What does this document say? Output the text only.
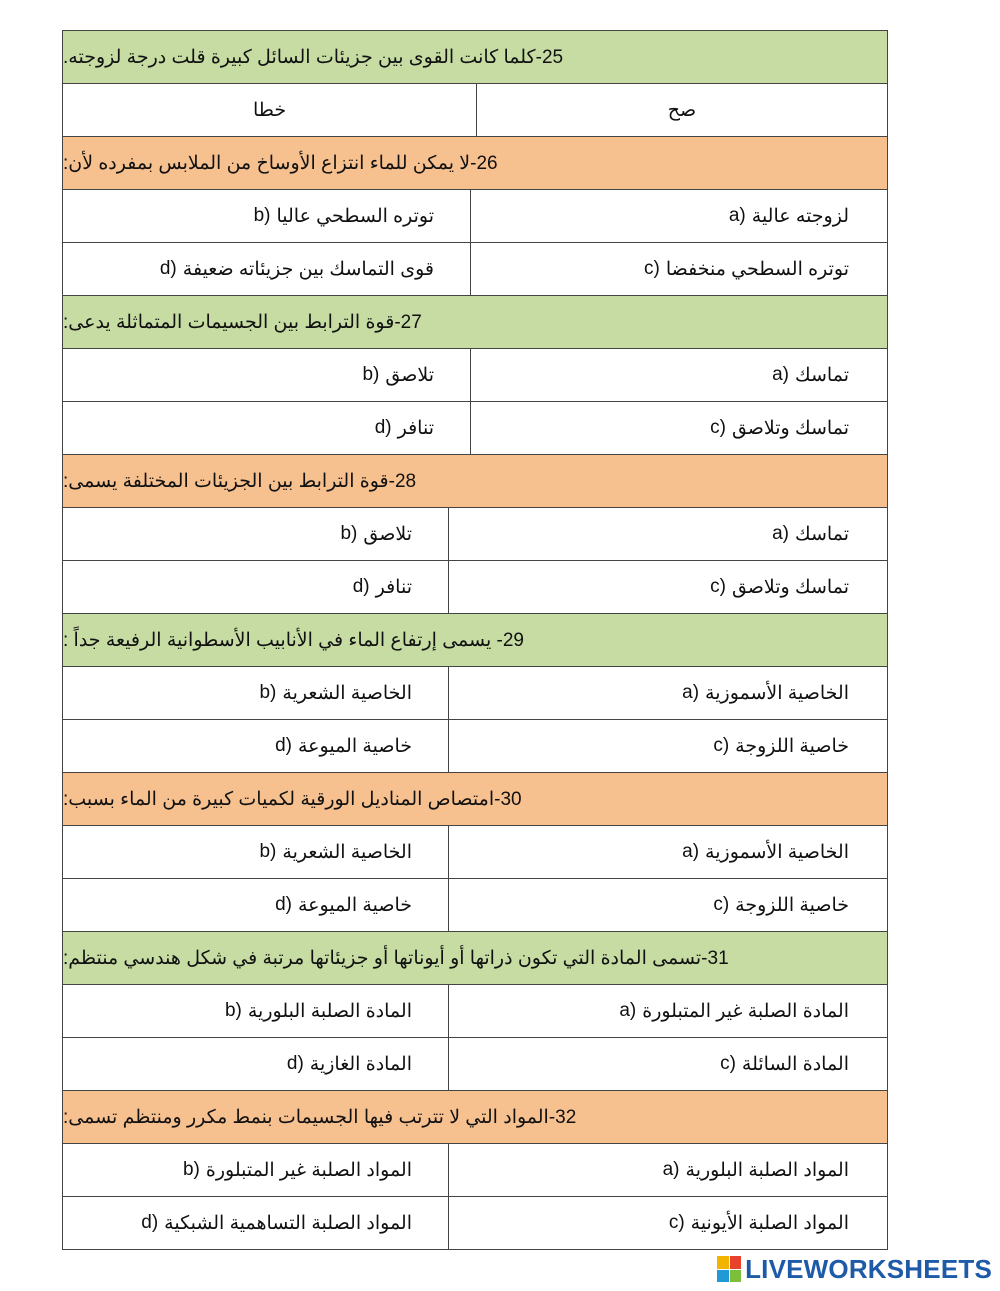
25-كلما كانت القوى بين جزيئات السائل كبيرة قلت درجة لزوجته.
خطا	صح
26-لا يمكن للماء انتزاع الأوساخ من الملابس بمفرده لأن:
b) توتره السطحي عاليا	a) لزوجته عالية
d) قوى التماسك بين جزيئاته ضعيفة	c) توتره السطحي منخفضا
27-قوة الترابط بين الجسيمات المتماثلة يدعى:
b) تلاصق	a) تماسك
d) تنافر	c) تماسك وتلاصق
28-قوة الترابط بين الجزيئات المختلفة يسمى:
b) تلاصق	a) تماسك
d) تنافر	c) تماسك وتلاصق
29- يسمى إرتفاع الماء في الأنابيب الأسطوانية الرفيعة جداً :
b) الخاصية الشعرية	a) الخاصية الأسموزية
d) خاصية الميوعة	c) خاصية اللزوجة
30-امتصاص المناديل الورقية لكميات كبيرة من الماء بسبب:
b) الخاصية الشعرية	a) الخاصية الأسموزية
d) خاصية الميوعة	c) خاصية اللزوجة
31-تسمى المادة التي تكون ذراتها أو أيوناتها أو جزيئاتها مرتبة في شكل هندسي منتظم:
b) المادة الصلبة البلورية	a) المادة الصلبة غير المتبلورة
d) المادة الغازية	c) المادة السائلة
32-المواد التي لا تترتب فيها الجسيمات بنمط مكرر ومنتظم تسمى:
b) المواد الصلبة غير المتبلورة	a) المواد الصلبة البلورية
d) المواد الصلبة التساهمية الشبكية	c) المواد الصلبة الأيونية
LIVEWORKSHEETS
